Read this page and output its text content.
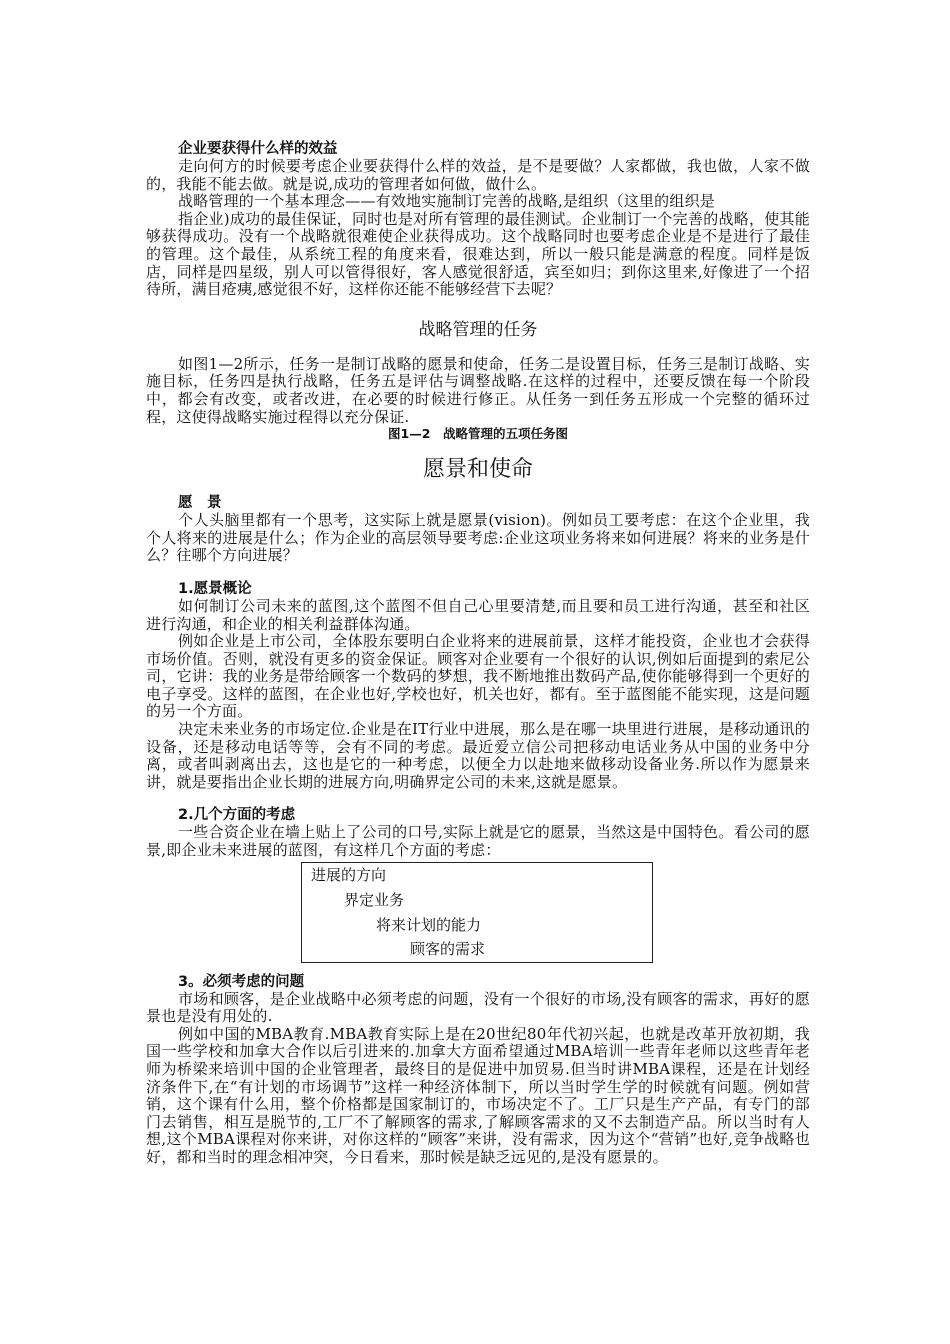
企业要获得什么样的效益

走向何方的时候要考虑企业要获得什么样的效益，是不是要做？人家都做，我也做，人家不做的，我能不能去做。就是说,成功的管理者如何做，做什么。

战略管理的一个基本理念——有效地实施制订完善的战略,是组织（这里的组织是

指企业)成功的最佳保证，同时也是对所有管理的最佳测试。企业制订一个完善的战略，使其能够获得成功。没有一个战略就很难使企业获得成功。这个战略同时也要考虑企业是不是进行了最佳的管理。这个最佳，从系统工程的角度来看，很难达到，所以一般只能是满意的程度。同样是饭店，同样是四星级，别人可以管得很好，客人感觉很舒适，宾至如归；到你这里来,好像进了一个招待所，满目疮痍,感觉很不好，这样你还能不能够经营下去呢？

战略管理的任务

如图1—2所示，任务一是制订战略的愿景和使命，任务二是设置目标，任务三是制订战略、实施目标，任务四是执行战略，任务五是评估与调整战略.在这样的过程中，还要反馈在每一个阶段中，都会有改变，或者改进，在必要的时候进行修正。从任务一到任务五形成一个完整的循环过程，这使得战略实施过程得以充分保证.

图1—2　战略管理的五项任务图
愿景和使命
愿　景

个人头脑里都有一个思考，这实际上就是愿景(vision)。例如员工要考虑：在这个企业里，我个人将来的进展是什么；作为企业的高层领导要考虑:企业这项业务将来如何进展？将来的业务是什么？往哪个方向进展？

1.愿景概论

如何制订公司未来的蓝图,这个蓝图不但自己心里要清楚,而且要和员工进行沟通，甚至和社区进行沟通，和企业的相关利益群体沟通。

例如企业是上市公司，全体股东要明白企业将来的进展前景，这样才能投资，企业也才会获得市场价值。否则，就没有更多的资金保证。顾客对企业要有一个很好的认识,例如后面提到的索尼公司，它讲：我的业务是带给顾客一个数码的梦想，我不断地推出数码产品,使你能够得到一个更好的电子享受。这样的蓝图，在企业也好,学校也好，机关也好，都有。至于蓝图能不能实现，这是问题的另一个方面。

决定未来业务的市场定位.企业是在IT行业中进展，那么是在哪一块里进行进展，是移动通讯的设备，还是移动电话等等，会有不同的考虑。最近爱立信公司把移动电话业务从中国的业务中分离，或者叫剥离出去，这也是它的一种考虑，以便全力以赴地来做移动设备业务.所以作为愿景来讲，就是要指出企业长期的进展方向,明确界定公司的未来,这就是愿景。

2.几个方面的考虑

一些合资企业在墙上贴上了公司的口号,实际上就是它的愿景，当然这是中国特色。看公司的愿景,即企业未来进展的蓝图，有这样几个方面的考虑：

进展的方向
界定业务
将来计划的能力
顾客的需求
3。必须考虑的问题

市场和顾客，是企业战略中必须考虑的问题，没有一个很好的市场,没有顾客的需求，再好的愿景也是没有用处的.

例如中国的MBA教育.MBA教育实际上是在20世纪80年代初兴起，也就是改革开放初期，我国一些学校和加拿大合作以后引进来的.加拿大方面希望通过MBA培训一些青年老师以这些青年老师为桥梁来培训中国的企业管理者，最终目的是促进中加贸易.但当时讲MBA课程，还是在计划经济条件下,在“有计划的市场调节”这样一种经济体制下，所以当时学生学的时候就有问题。例如营销，这个课有什么用，整个价格都是国家制订的，市场决定不了。工厂只是生产产品，有专门的部门去销售，相互是脱节的,工厂不了解顾客的需求,了解顾客需求的又不去制造产品。所以当时有人想,这个MBA课程对你来讲，对你这样的“顾客”来讲，没有需求，因为这个“营销”也好,竞争战略也好，都和当时的理念相冲突，今日看来，那时候是缺乏远见的,是没有愿景的。
